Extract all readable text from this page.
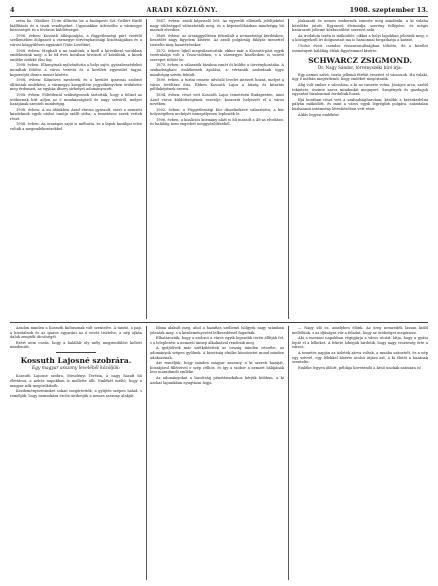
4	ARADI KÖZLÖNY.	1908. szeptember 13.

zetta be. Október 15-én állította be a budapesti Szt.-Gellért fürdő kiállítását és a tiszti vendégeket. Ugyanakkor üdvözölte a vármegye közönségét és a fővárosi küldöttséget.

1908. évben: Kossuth álláspontján, a függetlenségi párt vezérlő szellemében dolgozott a vármegye törvényhatósági bizottságában és a városi közgyűlésen egyaránt (Vide Levéltár).

1908. évben: Meghalt a mi tanítónk, a kiről a következő sorokban emlékezünk meg, a ki 84 éves korában távozott el közülünk, a kinek emléke örökké élni fog.

1908. évben: Elhunytnak nyilvánította a helyi sajtó, gyászbeszédeket mondtak fölötte a város vezetői és a kerületi egyesület tagjai, koporsóját díszes menet kísérte.

1908. évben: Kőműves mesterek és a kerület iparosai szobrot állítottak emlékére; a vármegye közgyűlése jegyzőkönyvben örökítette meg érdemeit, az egyház díszes sírhelyet adományozott.

1908. évben: Föltétlenül szükségesnek tartották, hogy a felirat az utókornak hírt adjon az ő munkásságáról és nagy szívéről, melyet hazájának szentelt mindvégig.

1908. évben: A mi időnkben Arad városa gyászolt, mert a nemzeti küzdelmek egyik utolsó tanúja szállt sírba; a temetésen ezrek vettek részt.

1908. évben: Az országos sajtó is méltatta, és a lapok hasábjai telve voltak a megemlékezésekkel.

1867. évben: aradi képviselő lett. Az egyesült ellenzék jelöltjeként nagy többséggel választották meg, és a képviselőházban mindvégig hű maradt elveihez.

1869. évben: az országgyűlésen felszólalt a nemzetiségi kérdésben; beszédét nagy figyelem kísérte. Az aradi polgárság fáklyás menettel tisztelte meg hazatérésekor.

1872. évben: újból megválasztották; ekkor már a Kossuth-párt egyik vezéralakja volt a Tisza-vidéken, s a vármegyei közéletben is vezető szerepet töltött be.

1875. évben: a választók bizalma ismét őt küldte a törvényhozásba. A szabadságharc emlékeinek ápolása, a vértanúk szobrának ügye mindvégig szívén feküdt.

1890. évben: a turini remete üdvözlő levelet intézett hozzá, melyet a város levéltára őriz. Ebben Kossuth Lajos a hűség és kitartás példaképének nevezi.

1894. évben: részt vett Kossuth Lajos temetésén Budapesten, mint Arad város küldöttségének vezetője; koszorút helyezett el a város nevében.

1902. évben: a Függetlenségi Kör díszelnökévé választotta; a kör helyiségében arcképét ünnepélyesen leplezték le.

1906. évben: a koalíciós kormány alatt is hű maradt a 48-as elvekhez, és haláláig nem engedett meggyőződéséből.

jóakaratú és nemes embernek ismerte meg mindenki, a ki valaha közelébe jutott. Egyszerű életmódja, szerény fellépése, és mégis határozott jelleme közbecsülést szerzett neki.

Az irodalom terén is működött; cikkei a helyi lapokban jelentek meg, s a közügyekről írt dolgozatait ma is haszonnal forgathatja a kutató.

Utolsó éveit csendes visszavonultságban töltötte, de a közélet eseményeit haláláig élénk figyelemmel kísérte.

SCHWARCZ ZSIGMOND.
Dr. Nagy Sándor, törvényszéki bíró írja:

Egy nemes szívű, tiszta jellemű férfiút vesztett el városunk. Ha valaki, úgy ő méltán megérdemli, hogy emlékét megőrizzük.

Alig volt ember e városban, a ki ne ismerte volna. Jóságos arca, szelíd tekintete, őszinte szava mindenkit megnyert. Szegények és gazdagok egyaránt bizalommal fordultak hozzá.

Ifjú korában részt vett a szabadságharcban; később a kereskedelmi pályán működött, és mint a város egyik legrégibb polgára, számtalan közhasznú intézmény létesítésében vett részt.

Áldás legyen emlékén!

Aradon minden a Kossuth kultusznak volt szentelve. A tanító, a pap, a hivatalnok és az iparos egyaránt az ő nevét tisztelte; a nép ajkán dalok zengték dicsőségét.

Ezért nem csoda, hogy a halálhír oly mély megrendülést keltett mindenütt.

Kossuth Lajosné szobrára.
Egy magyar asszony leveléből közöljük:

Kossuth Lajosné szobra, Meszlényi Terézia, a nagy hazafi hű élettársa, a nehéz napokban is mellette állt. Emlékét méltó, hogy a magyar nők megörökítsék.

Kezdeményezésünket sokan megértették; a gyűjtés szépen halad, s reméljük, hogy nemsokára ércbe önthetjük a nemes asszony alakját.

lóban alakult meg, ahol a hazafias szellemű hölgyek nagy számban jelentek meg, s a kezdeményezést lelkesedéssel fogadták.

Elhatározták, hogy a szobrot a város egyik legszebb terén állítják fel, s a leleplezést a nemzeti ünnep alkalmával rendezik meg.

A gyűjtőívek már szétküldettek az ország minden részébe; az adományok szépen gyűlnek. A bizottság elnöke köszönetet mond minden adakozónak.

Azt reméljük, hogy minden magyar asszony, a ki szereti hazáját, hozzájárul filléreivel e szép célhoz, és így a szobor a nemzet hálájának lesz maradandó emléke.

Az adományokat a bizottság pénztárnokához kérjük küldeni, a ki azokat lapunkban nyugtázni fogja.

— Nagy idő ez, amelyben élünk. Az öreg nemzedék lassan kidől mellőlünk, s az ifjúságra vár a feladat, hogy az örökséget megőrizze.

Aki a mostani napokban végigjárja a város utcáit, látja, hogy a gyász lepte el a lelkeket. A fekete lobogók hirdetik, hogy nagy veszteség érte a várost.

A temetés napján az üzletek zárva voltak, a munka szünetelt, és a nép egy szívvel, egy lélekkel kísérte utolsó útjára azt, a ki életét a hazának szentelte.

Emléke legyen áldott, példája követendő a késő unokák számára is!
